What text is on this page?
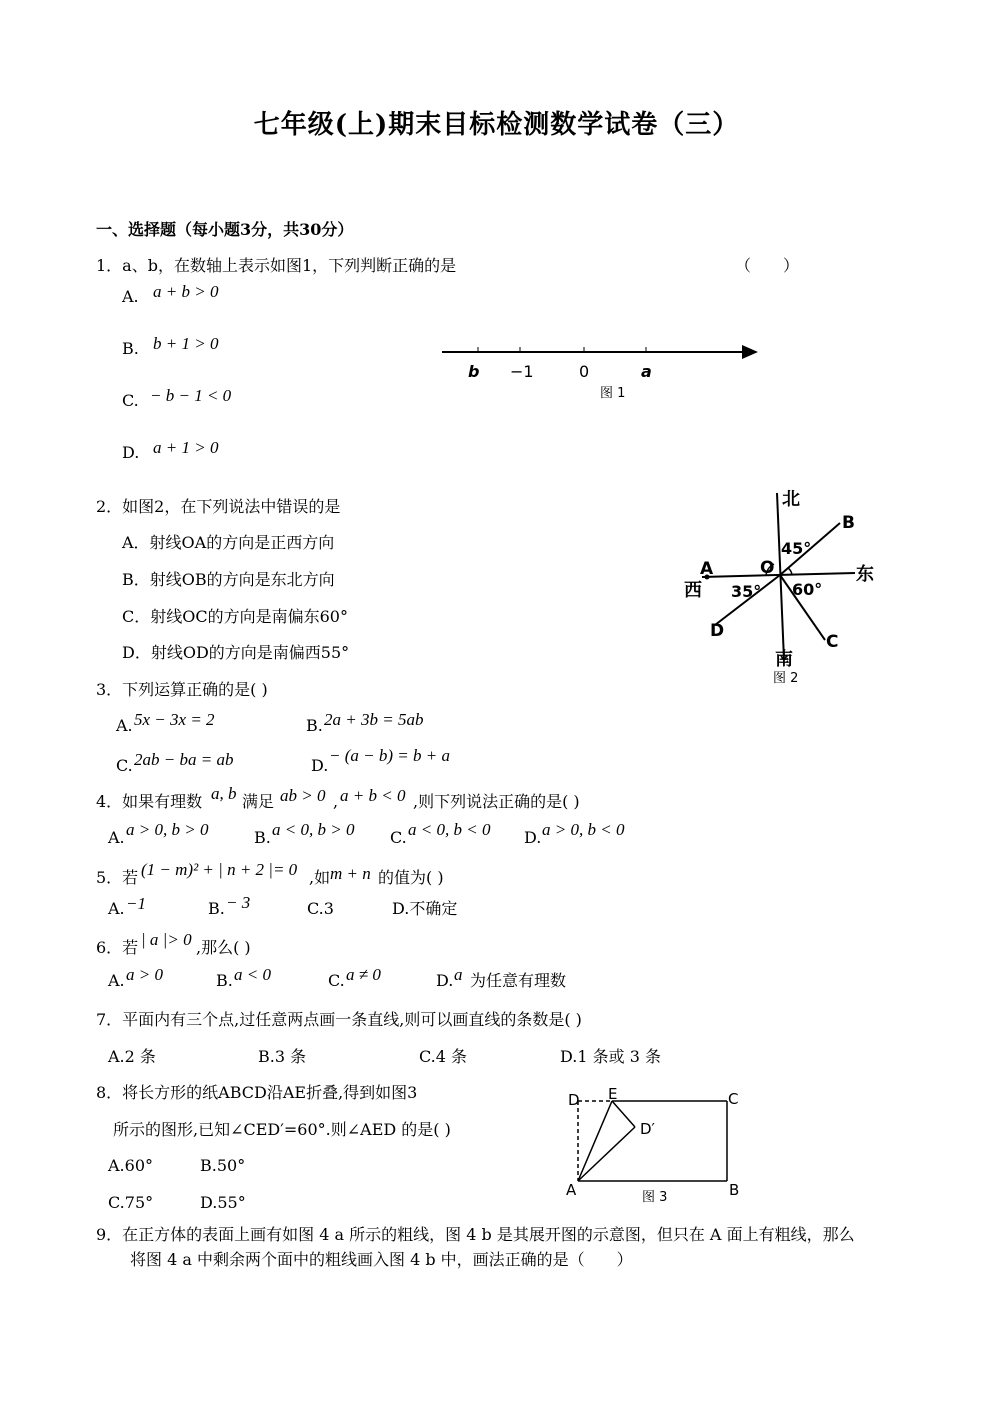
七年级(上)期末目标检测数学试卷（三）
一、选择题（每小题3分，共30分）
1．a、b，在数轴上表示如图1，下列判断正确的是	（　　）
A. a + b > 0
B. b + 1 > 0
C. − b − 1 < 0
D. a + 1 > 0
b −1	0	a
图 1
2．如图2，在下列说法中错误的是
A．射线OA的方向是正西方向
B．射线OB的方向是东北方向
C．射线OC的方向是南偏东60°
D．射线OD的方向是南偏西55°
北
南
东
西
A
B
C
D
O
45°
35° 60°
图 2
3．下列运算正确的是( )
A. 5x − 3x = 2	B. 2a + 3b = 5ab
C. 2ab − ba = ab	D.
− (a − b) = b + a
4．如果有理数 a, b 满足 ab > 0 , a + b < 0 ,则下列说法正确的是( )
A. a > 0, b > 0	B. a < 0, b > 0 C. a < 0, b < 0 D. a > 0, b < 0
5．若 (1 − m)² + | n + 2 |= 0 ,如 m + n 的值为( )
A. −1	B. − 3	C.3	D.不确定
6．若 | a |> 0 ,那么( )
A. a > 0	B. a < 0	C. a ≠ 0	D. a 为任意有理数
7．平面内有三个点,过任意两点画一条直线,则可以画直线的条数是( )
A.2 条	B.3 条	C.4 条	D.1 条或 3 条
8．将长方形的纸ABCD沿AE折叠,得到如图3
所示的图形,已知∠CED′=60°.则∠AED 的是( )
A.60°	B.50°
C.75°	D.55°
D E	C
D′
A	B
图 3
9．在正方体的表面上画有如图 4 a 所示的粗线，图 4 b 是其展开图的示意图，但只在 A 面上有粗线，那么
将图 4 a 中剩余两个面中的粗线画入图 4 b 中，画法正确的是（　　）
